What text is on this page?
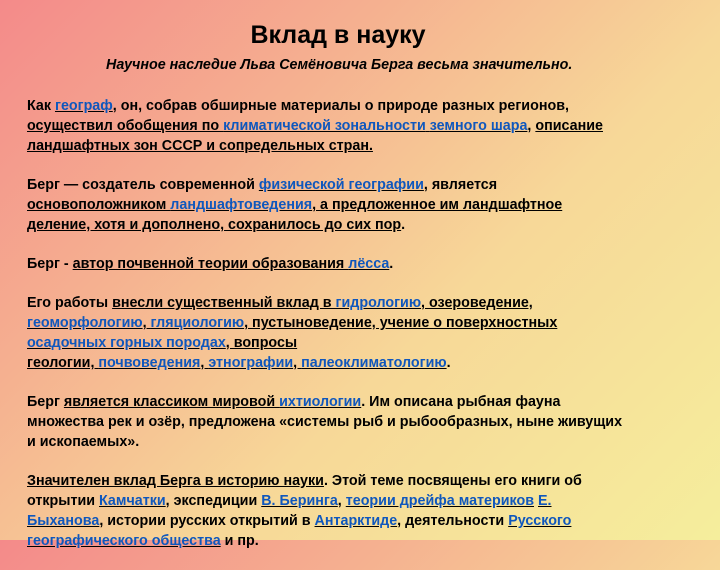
Вклад в науку
Научное наследие Льва Семёновича Берга весьма значительно.
Как географ, он, собрав обширные материалы о природе разных регионов,
осуществил обобщения по климатической зональности земного шара, описание
ландшафтных зон СССР и сопредельных стран.
Берг — создатель современной физической географии, является
основоположником ландшафтоведения, а предложенное им ландшафтное
деление, хотя и дополнено, сохранилось до сих пор.
Берг - автор почвенной теории образования лёсса.
Его работы внесли существенный вклад в гидрологию, озероведение,
геоморфологию, гляциологию, пустыноведение, учение о поверхностных
осадочных горных породах, вопросы
геологии, почвоведения, этнографии, палеоклиматологию.
Берг является классиком мировой ихтиологии. Им описана рыбная фауна
множества рек и озёр, предложена «системы рыб и рыбообразных, ныне живущих
и ископаемых».
Значителен вклад Берга в историю науки. Этой теме посвящены его книги об
открытии Камчатки, экспедиции В. Беринга, теории дрейфа материков Е.
Быханова, истории русских открытий в Антарктиде, деятельности Русского
географического общества и пр.
